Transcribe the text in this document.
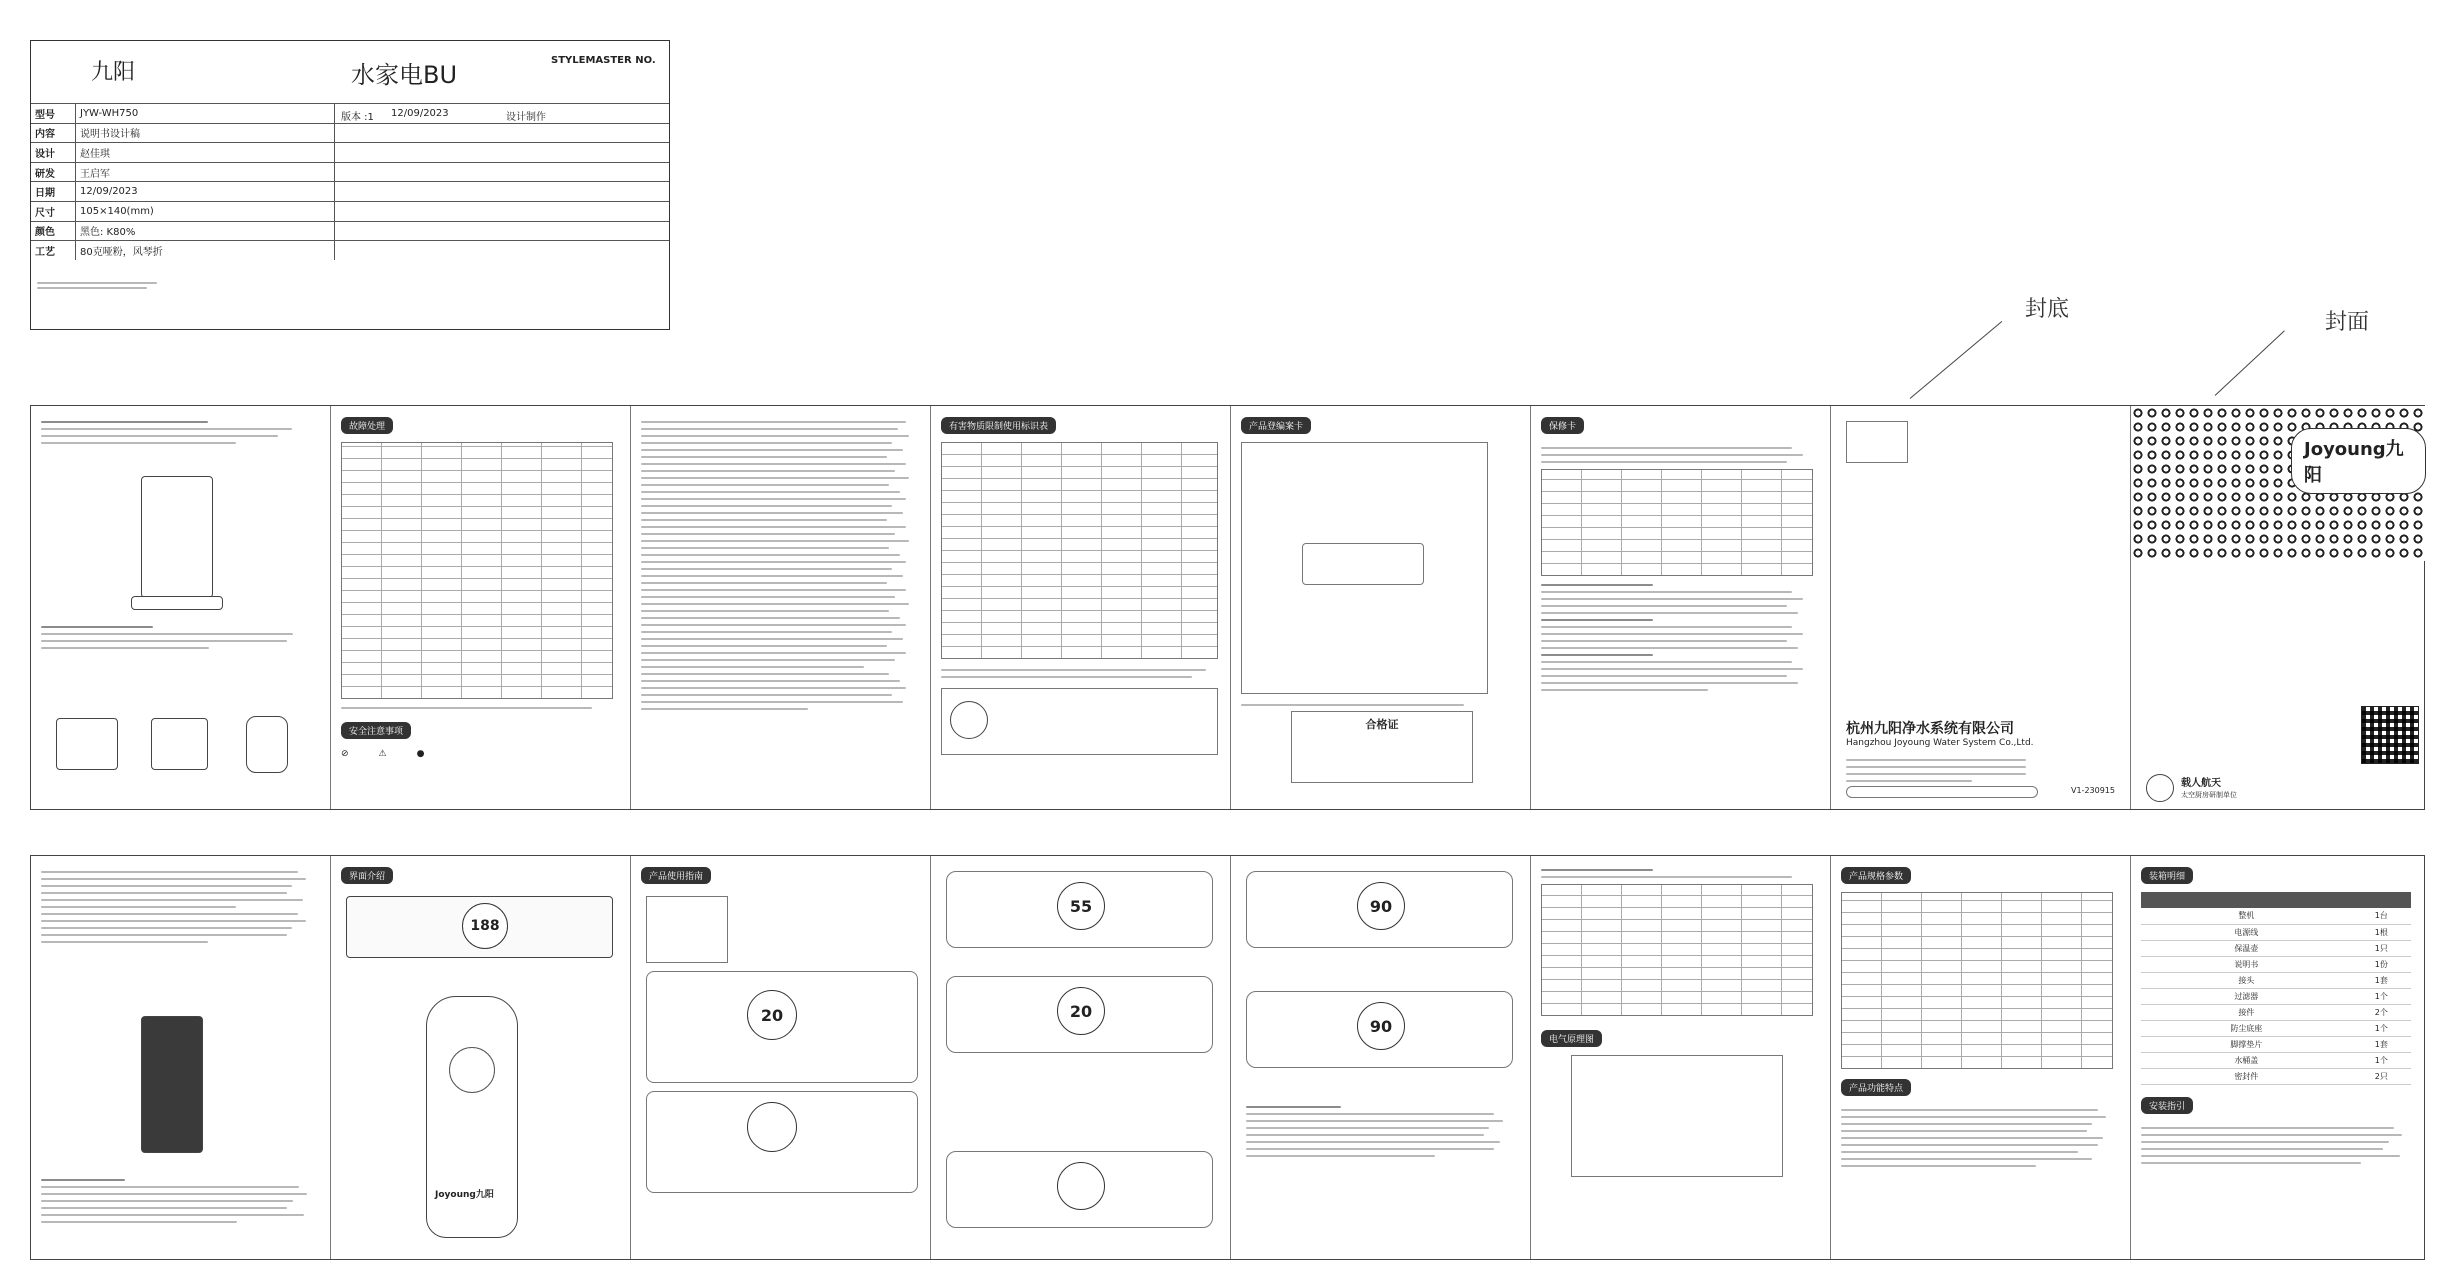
九阳	水家电BU
STYLEMASTER NO.
型号	JYW-WH750 版本 :1 12/09/2023 设计制作	

内容	说明书设计稿	
设计	赵佳琪	
研发	王启军	
日期	12/09/2023	
尺寸	105×140(mm)	
颜色	黑色: K80%	
工艺	80克哑粉，风琴折	
封底
封面
故障处理
安全注意事项
⊘	⚠	●
有害物质限制使用标识表	产品登编案卡
合格证
保修卡
杭州九阳净水系统有限公司
Hangzhou Joyoung Water System Co.,Ltd.
V1-230915
Joyoung九阳
载人航天
太空厨房研制单位
界面介绍
188
Joyoung九阳
产品使用指南
20
55
20
90
90
电气原理图
产品规格参数
产品功能特点
装箱明细

整机	1台
电源线	1根
保温壶	1只
说明书	1份
接头	1套
过滤器	1个
接件	2个
防尘底座	1个
脚撑垫片	1套
水桶盖	1个
密封件	2只
安装指引
